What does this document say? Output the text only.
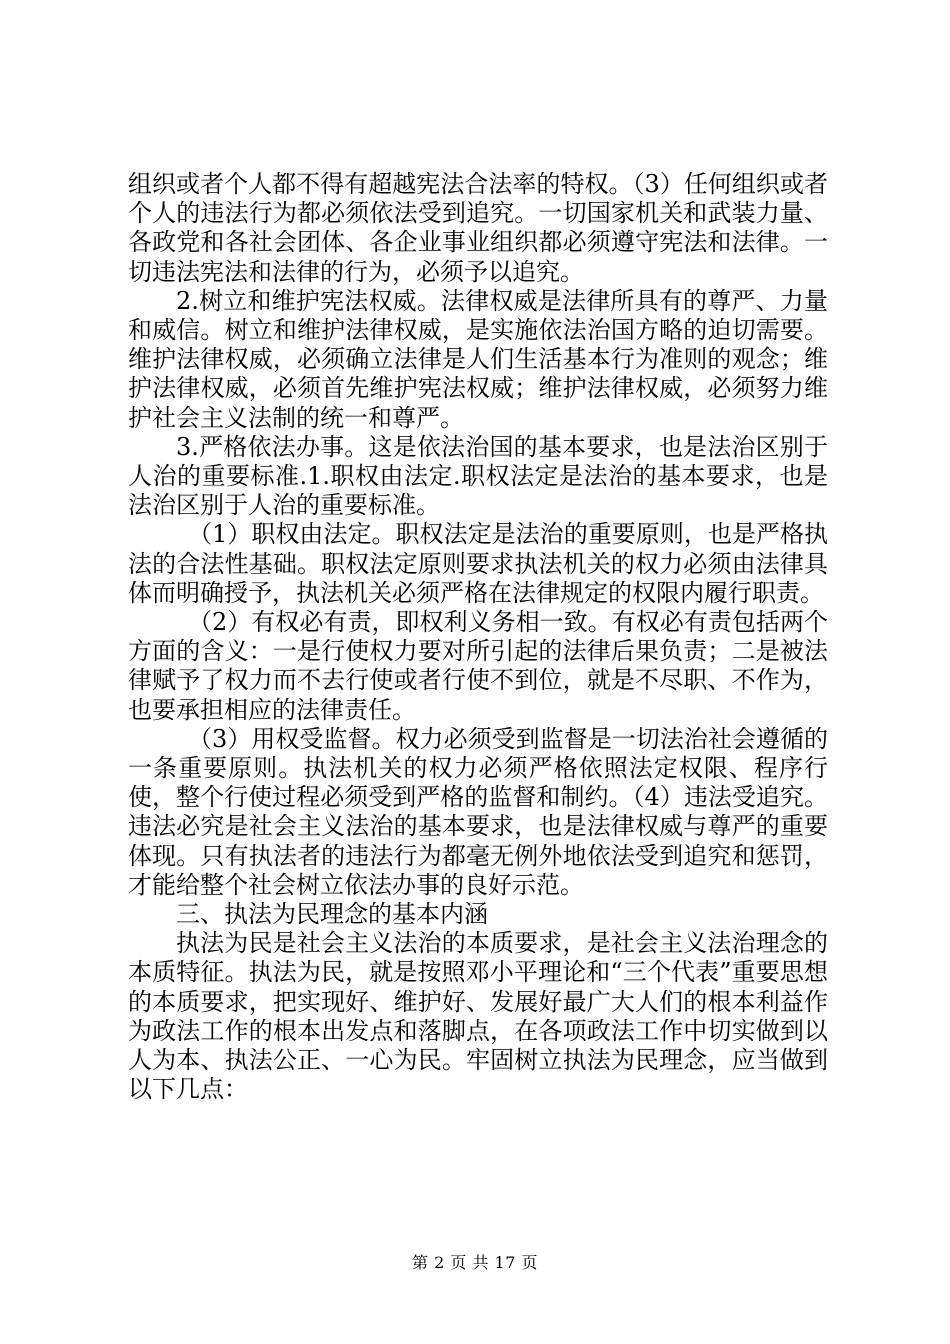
组织或者个人都不得有超越宪法合法率的特权。（3）任何组织或者个人的违法行为都必须依法受到追究。一切国家机关和武装力量、各政党和各社会团体、各企业事业组织都必须遵守宪法和法律。一切违法宪法和法律的行为，必须予以追究。

2.树立和维护宪法权威。法律权威是法律所具有的尊严、力量和威信。树立和维护法律权威，是实施依法治国方略的迫切需要。维护法律权威，必须确立法律是人们生活基本行为准则的观念；维护法律权威，必须首先维护宪法权威；维护法律权威，必须努力维护社会主义法制的统一和尊严。

3.严格依法办事。这是依法治国的基本要求，也是法治区别于人治的重要标准.1.职权由法定.职权法定是法治的基本要求，也是法治区别于人治的重要标准。

（1）职权由法定。职权法定是法治的重要原则，也是严格执法的合法性基础。职权法定原则要求执法机关的权力必须由法律具体而明确授予，执法机关必须严格在法律规定的权限内履行职责。

（2）有权必有责，即权利义务相一致。有权必有责包括两个方面的含义：一是行使权力要对所引起的法律后果负责；二是被法律赋予了权力而不去行使或者行使不到位，就是不尽职、不作为，也要承担相应的法律责任。

（3）用权受监督。权力必须受到监督是一切法治社会遵循的一条重要原则。执法机关的权力必须严格依照法定权限、程序行使，整个行使过程必须受到严格的监督和制约。（4）违法受追究。违法必究是社会主义法治的基本要求，也是法律权威与尊严的重要体现。只有执法者的违法行为都毫无例外地依法受到追究和惩罚，才能给整个社会树立依法办事的良好示范。

三、执法为民理念的基本内涵

执法为民是社会主义法治的本质要求，是社会主义法治理念的本质特征。执法为民，就是按照邓小平理论和“三个代表”重要思想的本质要求，把实现好、维护好、发展好最广大人们的根本利益作为政法工作的根本出发点和落脚点，在各项政法工作中切实做到以人为本、执法公正、一心为民。牢固树立执法为民理念，应当做到以下几点：

第 2 页 共 17 页
